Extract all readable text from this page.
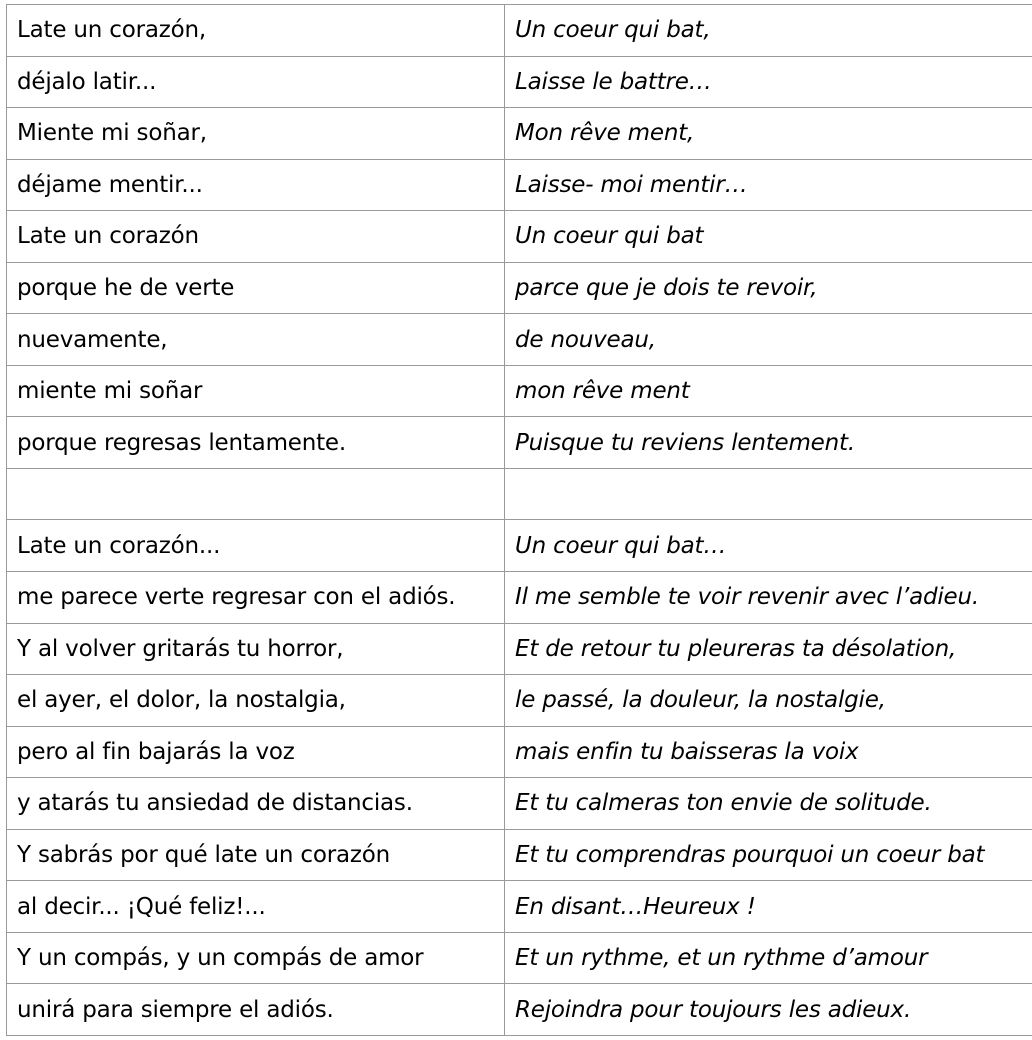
Late un corazón,	Un coeur qui bat,
déjalo latir...	Laisse le battre…
Miente mi soñar,	Mon rêve ment,
déjame mentir...	Laisse- moi mentir…
Late un corazón	Un coeur qui bat
porque he de verte	parce que je dois te revoir,
nuevamente,	de nouveau,
miente mi soñar	mon rêve ment
porque regresas lentamente.	Puisque tu reviens lentement.
Late un corazón...	Un coeur qui bat…
me parece verte regresar con el adiós.	Il me semble te voir revenir avec l’adieu.
Y al volver gritarás tu horror,	Et de retour tu pleureras ta désolation,
el ayer, el dolor, la nostalgia,	le passé, la douleur, la nostalgie,
pero al fin bajarás la voz	mais enfin tu baisseras la voix
y atarás tu ansiedad de distancias.	Et tu calmeras ton envie de solitude.
Y sabrás por qué late un corazón	Et tu comprendras pourquoi un coeur bat
al decir... ¡Qué feliz!...	En disant…Heureux !
Y un compás, y un compás de amor	Et un rythme, et un rythme d’amour
unirá para siempre el adiós.	Rejoindra pour toujours les adieux.
